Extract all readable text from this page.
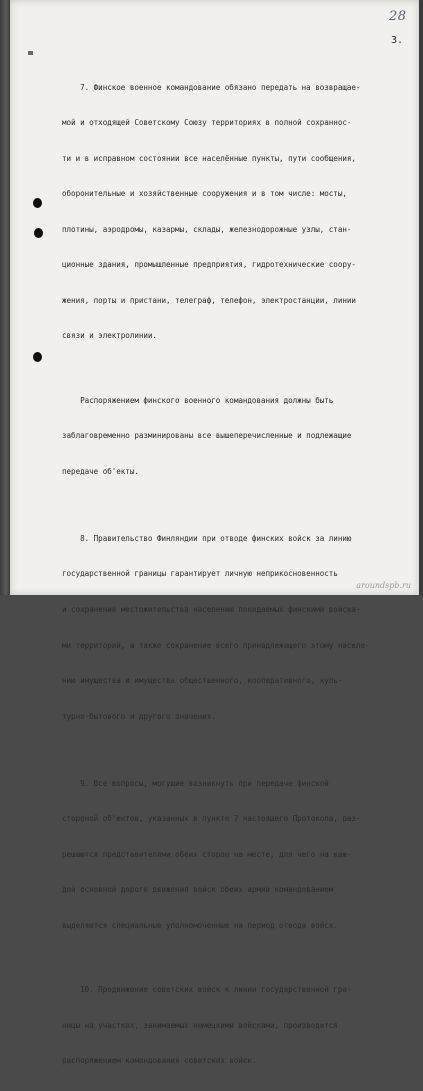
28
3.

7. Финское военное командование обязано передать на возвращае-

мой и отходящей Советскому Союзу территориях в полной сохраннос-

ти и в исправном состоянии все населённые пункты, пути сообщения,

оборонительные и хозяйственные сооружения и в том числе: мосты,

плотины, аэродромы, казармы, склады, железнодорожные узлы, стан-

ционные здания, промышленные предприятия, гидротехнические соору-

жения, порты и пристани, телеграф, телефон, электростанции, линии

связи и электролинии.

Распоряжением финского военного командования должны быть

заблаговременно разминированы все вышеперечисленные и подлежащие

передаче об'екты.

8. Правительство Финляндии при отводе финских войск за линию

государственной границы гарантирует личную неприкосновенность

и сохранение местожительства населению покидаемых финскими войска-

ми территорий, а также сохранение всего принадлежащего этому населе-

нию имущества и имущества общественного, кооперативного, куль-

турно-бытового и другого значения.

9. Все вопросы, могущие возникнуть при передаче финской

стороной об'ектов, указанных в пункте 7 настоящего Протокола, раз-

решаются представителями обеих сторон на месте, для чего на каж-

дой основной дороге движения войск обеих армий командованием

выделяются специальные уполномоченные на период отвода войск.

10. Продвижение советских войск к линии государственной гра-

ницы на участках, занимаемых немецкими войсками, производится

распоряжением командования советских войск.

aroundspb.ru
